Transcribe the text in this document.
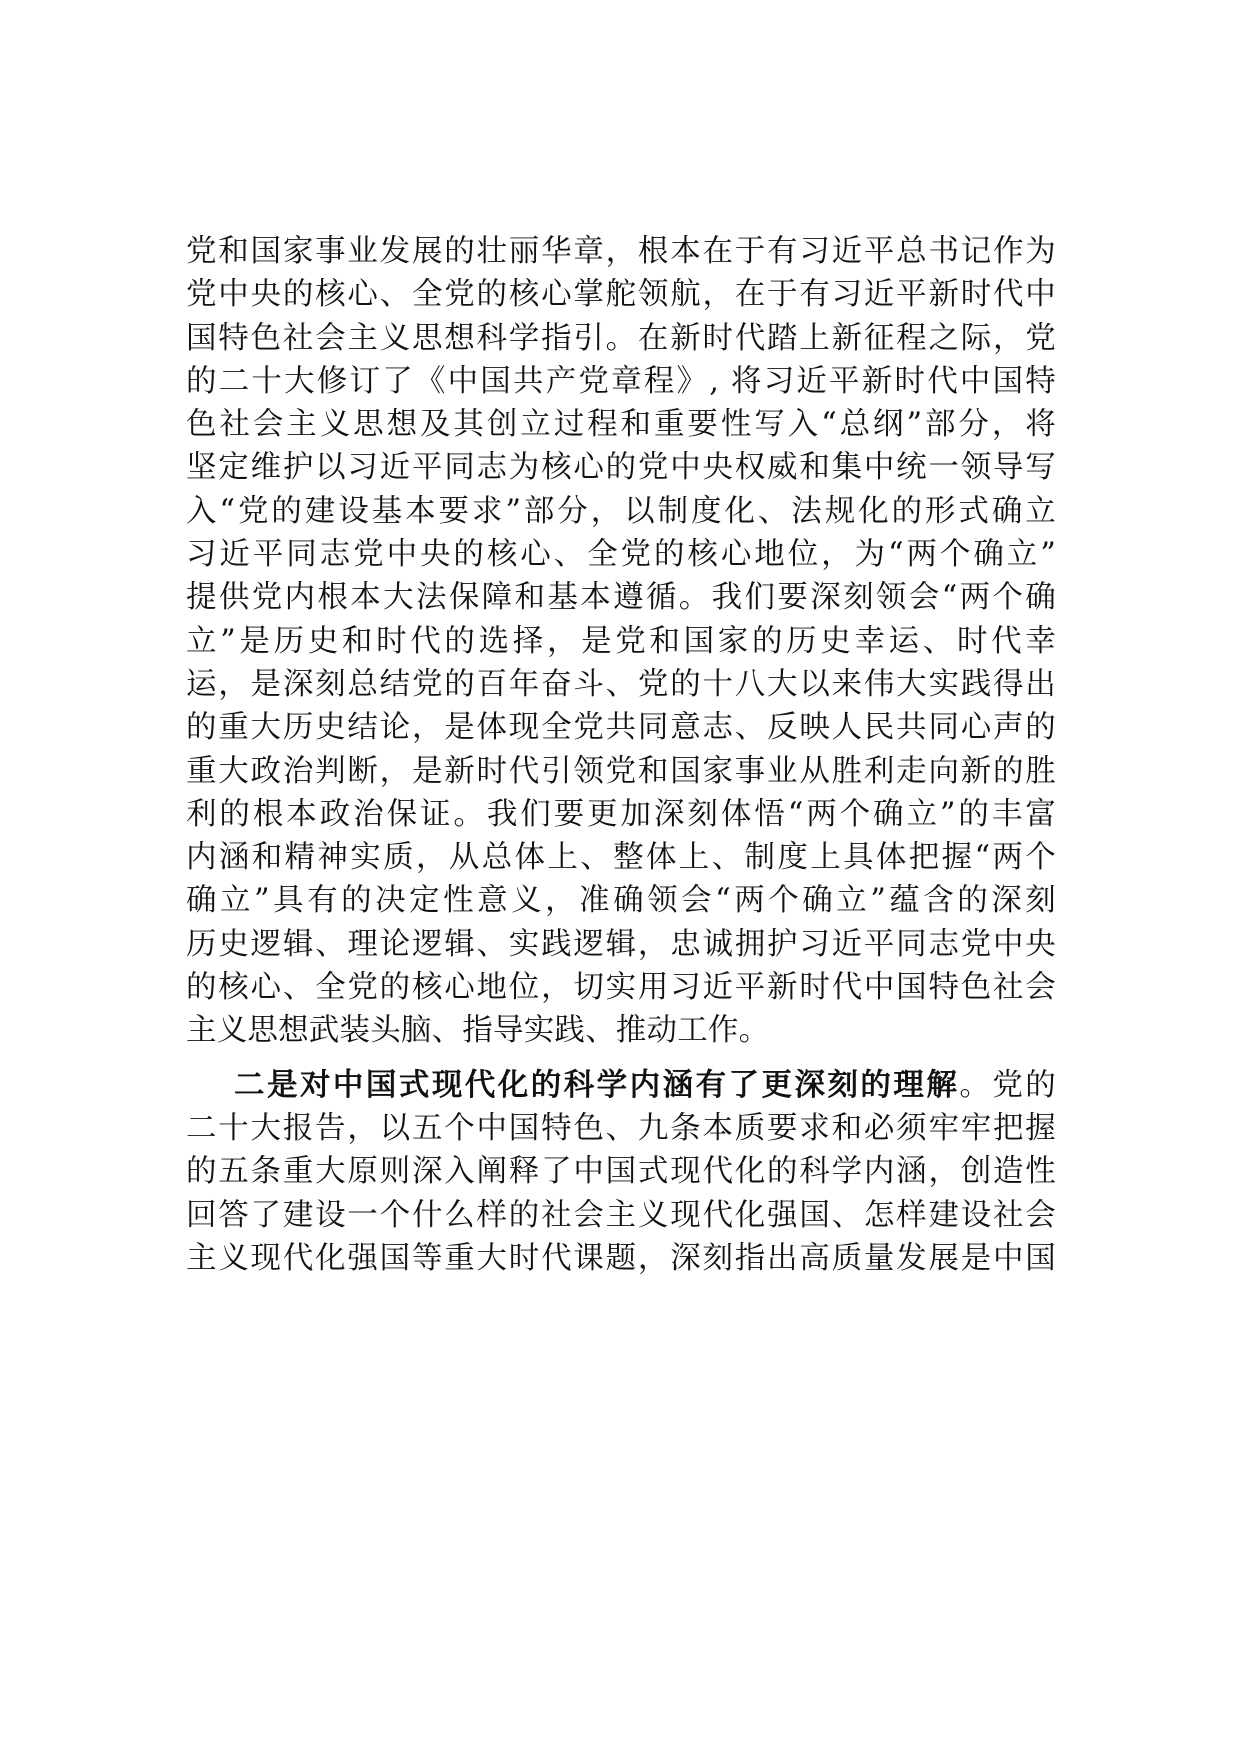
党和国家事业发展的壮丽华章，根本在于有习近平总书记作为
党中央的核心、全党的核心掌舵领航，在于有习近平新时代中
国特色社会主义思想科学指引。在新时代踏上新征程之际，党
的二十大修订了《中国共产党章程》, 将习近平新时代中国特
色社会主义思想及其创立过程和重要性写入“总纲”部分，将
坚定维护以习近平同志为核心的党中央权威和集中统一领导写
入“党的建设基本要求”部分，以制度化、法规化的形式确立
习近平同志党中央的核心、全党的核心地位，为“两个确立”
提供党内根本大法保障和基本遵循。我们要深刻领会“两个确
立”是历史和时代的选择，是党和国家的历史幸运、时代幸
运，是深刻总结党的百年奋斗、党的十八大以来伟大实践得出
的重大历史结论，是体现全党共同意志、反映人民共同心声的
重大政治判断，是新时代引领党和国家事业从胜利走向新的胜
利的根本政治保证。我们要更加深刻体悟“两个确立”的丰富
内涵和精神实质，从总体上、整体上、制度上具体把握“两个
确立”具有的决定性意义，准确领会“两个确立”蕴含的深刻
历史逻辑、理论逻辑、实践逻辑，忠诚拥护习近平同志党中央
的核心、全党的核心地位，切实用习近平新时代中国特色社会
主义思想武装头脑、指导实践、推动工作。
二是对中国式现代化的科学内涵有了更深刻的理解。党的
二十大报告，以五个中国特色、九条本质要求和必须牢牢把握
的五条重大原则深入阐释了中国式现代化的科学内涵，创造性
回答了建设一个什么样的社会主义现代化强国、怎样建设社会
主义现代化强国等重大时代课题，深刻指出高质量发展是中国
